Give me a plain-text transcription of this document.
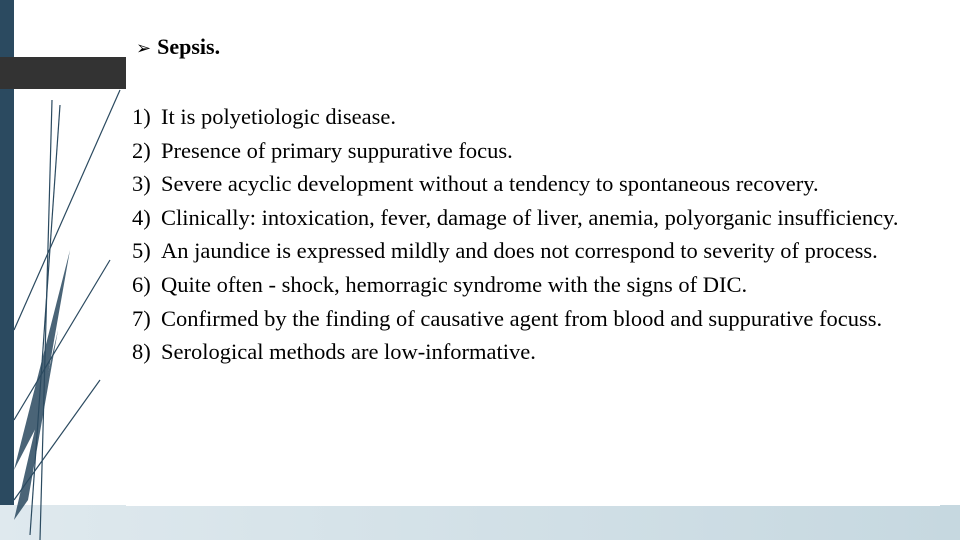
➢ Sepsis.
1) It is polyetiologic disease.
2) Presence of primary suppurative focus.
3) Severe acyclic development without a tendency to spontaneous recovery.
4) Clinically: intoxication, fever, damage of liver, anemia, polyorganic insufficiency.
5) An jaundice is expressed mildly and does not correspond to severity of process.
6) Quite often - shock, hemorragic syndrome with the signs of DIC.
7) Confirmed by the finding of causative agent from blood and suppurative focuss.
8) Serological methods are low-informative.
